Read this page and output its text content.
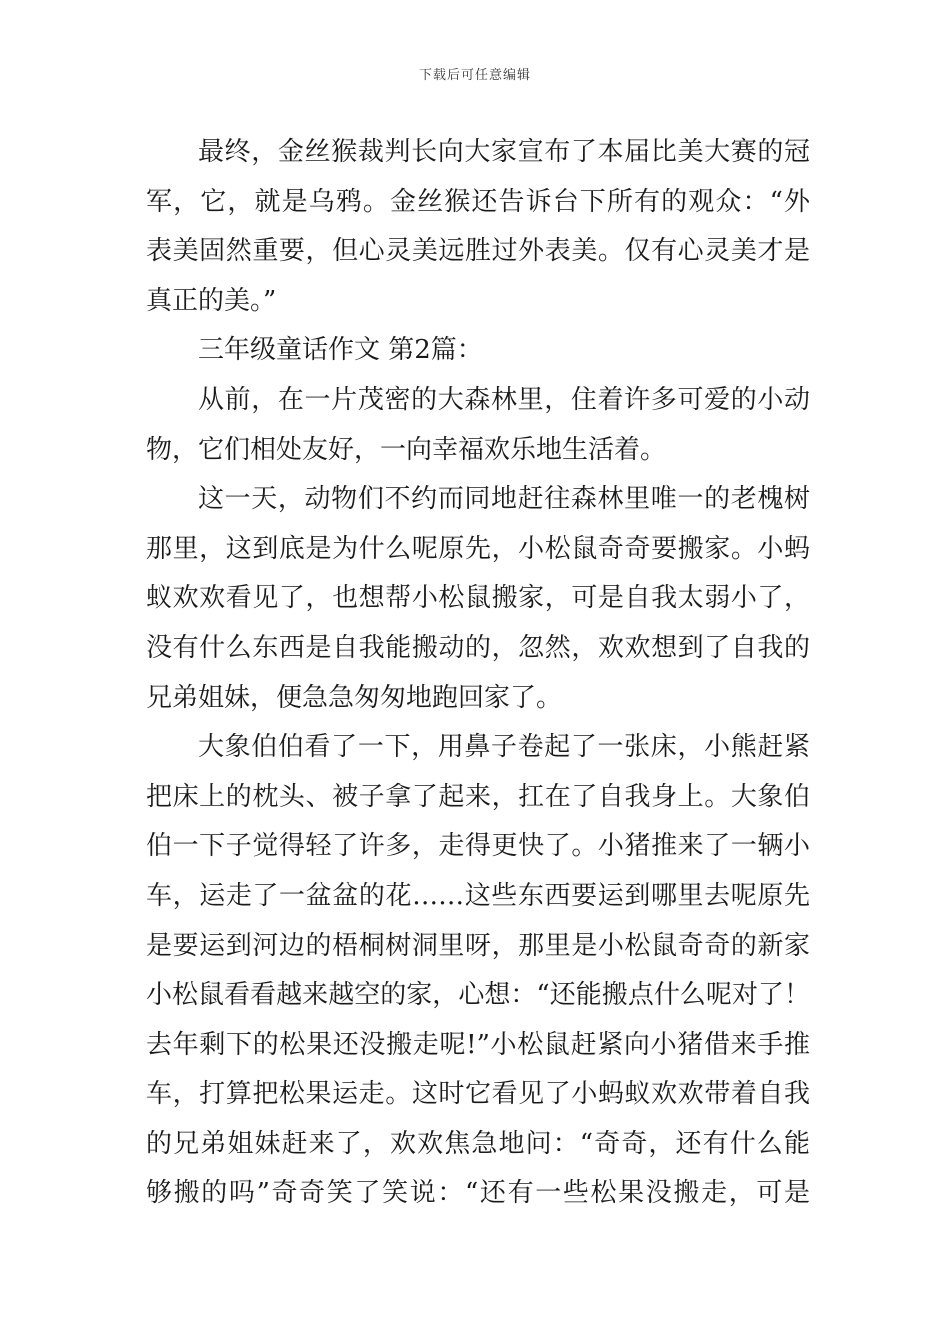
下载后可任意编辑
最终，金丝猴裁判长向大家宣布了本届比美大赛的冠
军，它，就是乌鸦。金丝猴还告诉台下所有的观众：“外
表美固然重要，但心灵美远胜过外表美。仅有心灵美才是
真正的美。”
三年级童话作文 第2篇：
从前，在一片茂密的大森林里，住着许多可爱的小动
物，它们相处友好，一向幸福欢乐地生活着。
这一天，动物们不约而同地赶往森林里唯一的老槐树
那里，这到底是为什么呢原先，小松鼠奇奇要搬家。小蚂
蚁欢欢看见了，也想帮小松鼠搬家，可是自我太弱小了，
没有什么东西是自我能搬动的，忽然，欢欢想到了自我的
兄弟姐妹，便急急匆匆地跑回家了。
大象伯伯看了一下，用鼻子卷起了一张床，小熊赶紧
把床上的枕头、被子拿了起来，扛在了自我身上。大象伯
伯一下子觉得轻了许多，走得更快了。小猪推来了一辆小
车，运走了一盆盆的花……这些东西要运到哪里去呢原先
是要运到河边的梧桐树洞里呀，那里是小松鼠奇奇的新家
小松鼠看看越来越空的家，心想：“还能搬点什么呢对了！
去年剩下的松果还没搬走呢!”小松鼠赶紧向小猪借来手推
车，打算把松果运走。这时它看见了小蚂蚁欢欢带着自我
的兄弟姐妹赶来了，欢欢焦急地问：“奇奇，还有什么能
够搬的吗”奇奇笑了笑说：“还有一些松果没搬走，可是
